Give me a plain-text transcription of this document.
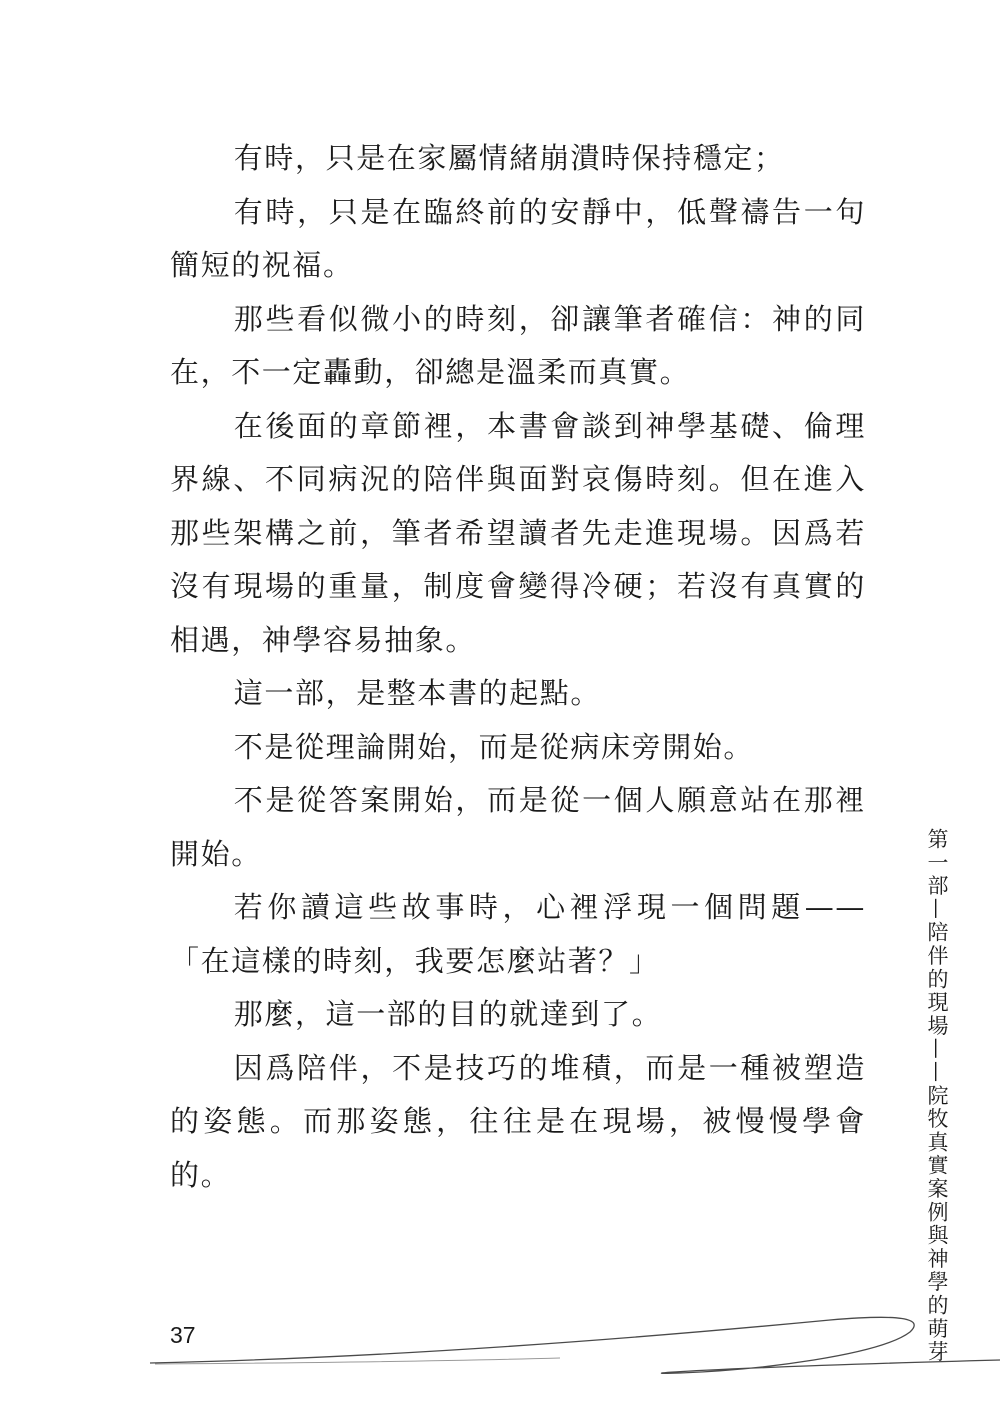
有時，只是在家屬情緒崩潰時保持穩定；

有時，只是在臨終前的安靜中，低聲禱告一句簡短的祝福。

那些看似微小的時刻，卻讓筆者確信：神的同在，不一定轟動，卻總是溫柔而真實。

在後面的章節裡，本書會談到神學基礎、倫理界線、不同病況的陪伴與面對哀傷時刻。但在進入那些架構之前，筆者希望讀者先走進現場。因爲若沒有現場的重量，制度會變得冷硬；若沒有真實的相遇，神學容易抽象。

這一部，是整本書的起點。

不是從理論開始，而是從病床旁開始。

不是從答案開始，而是從一個人願意站在那裡開始。

若你讀這些故事時，心裡浮現一個問題——「在這樣的時刻，我要怎麼站著？」

那麼，這一部的目的就達到了。

因爲陪伴，不是技巧的堆積，而是一種被塑造的姿態。而那姿態，往往是在現場，被慢慢學會的。	第一部—陪伴的現場——院牧真實案例與神學的萌芽
37
